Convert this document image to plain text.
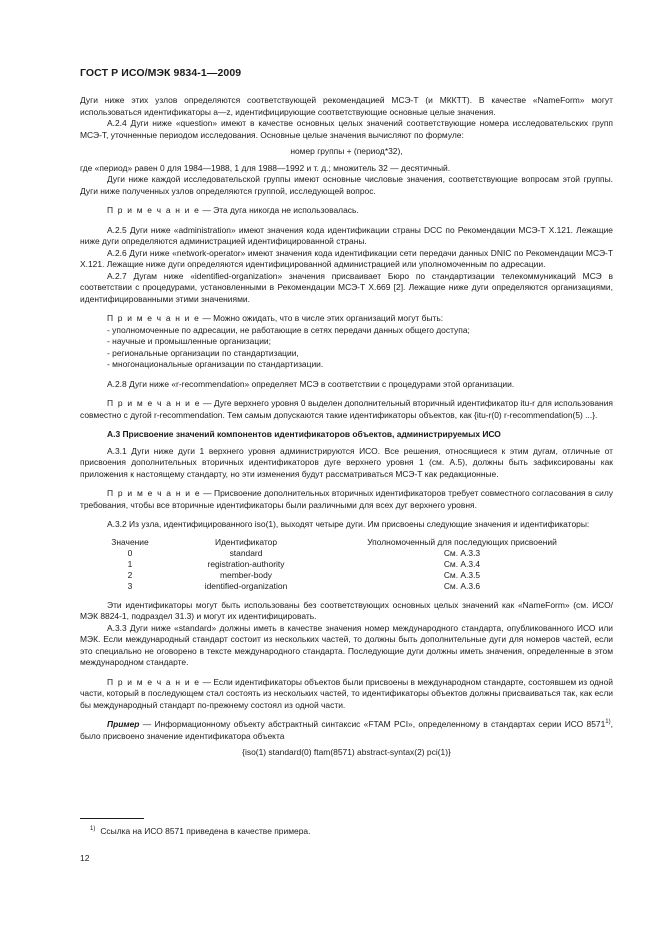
ГОСТ Р ИСО/МЭК 9834-1—2009

Дуги ниже этих узлов определяются соответствующей рекомендацией МСЭ-Т (и МККТТ). В качестве «NameForm» могут использоваться идентификаторы a—z, идентифицирующие соответствующие основные целые значения.

А.2.4 Дуги ниже «question» имеют в качестве основных целых значений соответствующие номера исследовательских групп МСЭ-Т, уточненные периодом исследования. Основные целые значения вычисляют по формуле:

номер группы + (период*32),

где «период» равен 0 для 1984—1988, 1 для 1988—1992 и т. д.; множитель 32 — десятичный.

Дуги ниже каждой исследовательской группы имеют основные числовые значения, соответствующие вопросам этой группы. Дуги ниже полученных узлов определяются группой, исследующей вопрос.

П р и м е ч а н и е — Эта дуга никогда не использовалась.

А.2.5 Дуги ниже «administration» имеют значения кода идентификации страны DCC по Рекомендации МСЭ-Т X.121. Лежащие ниже дуги определяются администрацией идентифицированной страны.

А.2.6 Дуги ниже «network-operator» имеют значения кода идентификации сети передачи данных DNIC по Рекомендации МСЭ-Т X.121. Лежащие ниже дуги определяются идентифицированной администрацией или уполномоченным по адресации.

А.2.7 Дугам ниже «identified-organization» значения присваивает Бюро по стандартизации телекоммуникаций МСЭ в соответствии с процедурами, установленными в Рекомендации МСЭ-Т X.669 [2]. Лежащие ниже дуги определяются организациями, идентифицированными этими значениями.

П р и м е ч а н и е — Можно ожидать, что в числе этих организаций могут быть:

- уполномоченные по адресации, не работающие в сетях передачи данных общего доступа;
- научные и промышленные организации;
- региональные организации по стандартизации,
- многонациональные организации по стандартизации.

А.2.8 Дуги ниже «r-recommendation» определяет МСЭ в соответствии с процедурами этой организации.

П р и м е ч а н и е — Дуге верхнего уровня 0 выделен дополнительный вторичный идентификатор itu-r для использования совместно с дугой r-recommendation. Тем самым допускаются такие идентификаторы объектов, как {itu-r(0) r-recommendation(5) ...}.

А.3 Присвоение значений компонентов идентификаторов объектов, администрируемых ИСО

А.3.1 Дуги ниже дуги 1 верхнего уровня администрируются ИСО. Все решения, относящиеся к этим дугам, отличные от присвоения дополнительных вторичных идентификаторов дуге верхнего уровня 1 (см. А.5), должны быть зафиксированы как приложения к настоящему стандарту, но эти изменения будут рассматриваться МСЭ-Т как редакционные.

П р и м е ч а н и е — Присвоение дополнительных вторичных идентификаторов требует совместного согласования в силу требования, чтобы все вторичные идентификаторы были различными для всех дуг верхнего уровня.

А.3.2 Из узла, идентифицированного iso(1), выходят четыре дуги. Им присвоены следующие значения и идентификаторы:

Значение	Идентификатор	Уполномоченный для последующих присвоений
0	standard	См. А.3.3
1	registration-authority	См. А.3.4
2	member-body	См. А.3.5
3	identified-organization	См. А.3.6

Эти идентификаторы могут быть использованы без соответствующих основных целых значений как «NameForm» (см. ИСО/МЭК 8824-1, подраздел 31.3) и могут их идентифицировать.

А.3.3 Дуги ниже «standard» должны иметь в качестве значения номер международного стандарта, опубликованного ИСО или МЭК. Если международный стандарт состоит из нескольких частей, то должны быть дополнительные дуги для номеров частей, если это специально не оговорено в тексте международного стандарта. Последующие дуги должны иметь значения, определенные в этом международном стандарте.

П р и м е ч а н и е — Если идентификаторы объектов были присвоены в международном стандарте, состоявшем из одной части, который в последующем стал состоять из нескольких частей, то идентификаторы объектов должны присваиваться так, как если бы международный стандарт по-прежнему состоял из одной части.

Пример — Информационному объекту абстрактный синтаксис «FTAM PCI», определенному в стандартах серии ИСО 8571$^{1)}$, было присвоено значение идентификатора объекта

{iso(1) standard(0) ftam(8571) abstract-syntax(2) pci(1)}

$^{1)}$ Ссылка на ИСО 8571 приведена в качестве примера.

12
